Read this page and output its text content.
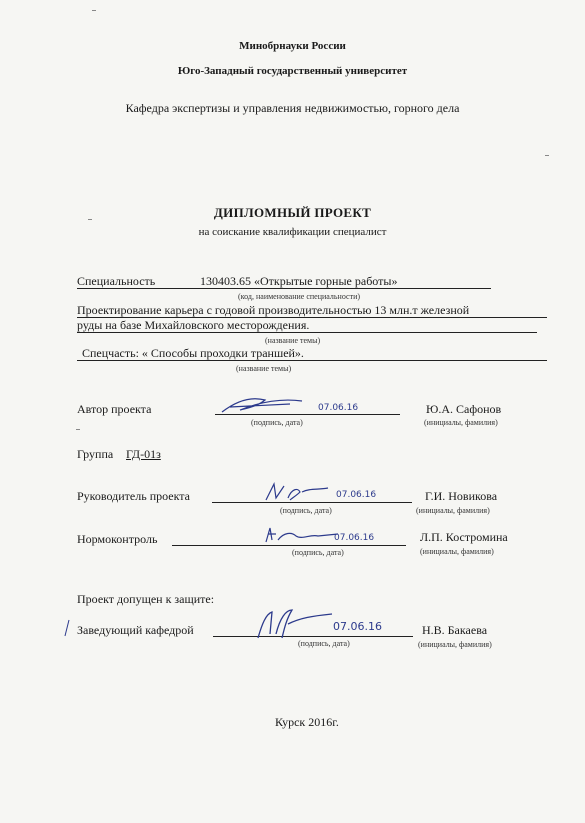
Минобрнауки России
Юго-Западный государственный университет
Кафедра экспертизы и управления недвижимостью, горного дела
ДИПЛОМНЫЙ ПРОЕКТ
на соискание квалификации специалист
Специальность	130403.65 «Открытые горные работы»
(код, наименование специальности)
Проектирование карьера с годовой производительностью 13 млн.т железной
руды на базе Михайловского месторождения.
(название темы)
Спецчасть: « Способы проходки траншей».
(название темы)
Автор проекта	07.06.16	Ю.А. Сафонов
(подпись, дата)	(инициалы, фамилия)
Группа ГД-01з
Руководитель проекта	07.06.16	Г.И. Новикова
(подпись, дата)	(инициалы, фамилия)
Нормоконтроль	07.06.16	Л.П. Костромина
(подпись, дата)	(инициалы, фамилия)
Проект допущен к защите:
Заведующий кафедрой	07.06.16	Н.В. Бакаева
(подпись, дата)	(инициалы, фамилия)
Курск 2016г.
